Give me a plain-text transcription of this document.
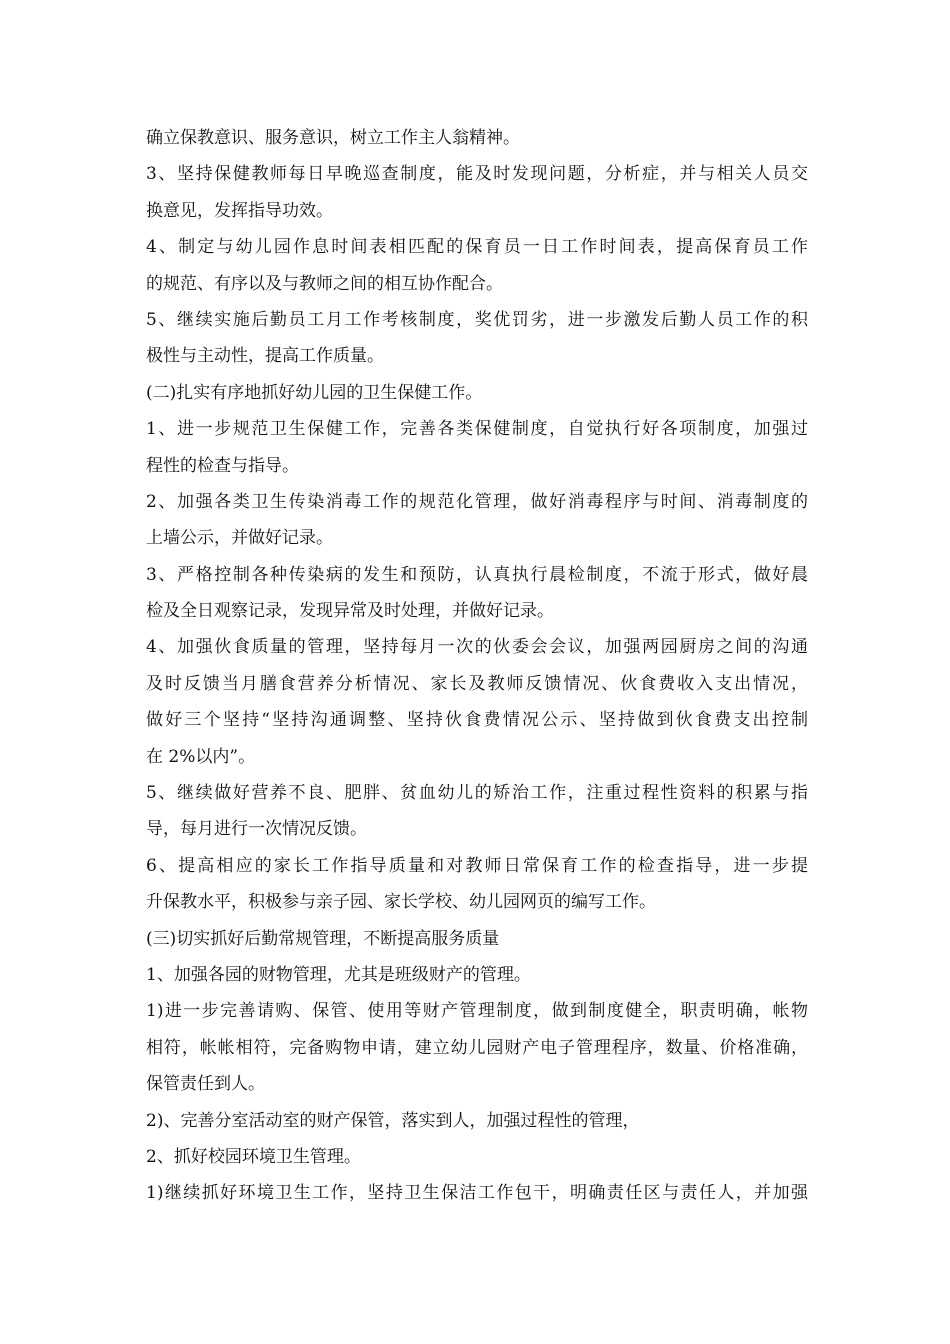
确立保教意识、服务意识，树立工作主人翁精神。
3、坚持保健教师每日早晚巡查制度，能及时发现问题，分析症，并与相关人员交
换意见，发挥指导功效。
4、制定与幼儿园作息时间表相匹配的保育员一日工作时间表，提高保育员工作
的规范、有序以及与教师之间的相互协作配合。
5、继续实施后勤员工月工作考核制度，奖优罚劣，进一步激发后勤人员工作的积
极性与主动性，提高工作质量。
(二)扎实有序地抓好幼儿园的卫生保健工作。
1、进一步规范卫生保健工作，完善各类保健制度，自觉执行好各项制度，加强过
程性的检查与指导。
2、加强各类卫生传染消毒工作的规范化管理，做好消毒程序与时间、消毒制度的
上墙公示，并做好记录。
3、严格控制各种传染病的发生和预防，认真执行晨检制度，不流于形式，做好晨
检及全日观察记录，发现异常及时处理，并做好记录。
4、加强伙食质量的管理，坚持每月一次的伙委会会议，加强两园厨房之间的沟通
及时反馈当月膳食营养分析情况、家长及教师反馈情况、伙食费收入支出情况，
做好三个坚持“坚持沟通调整、坚持伙食费情况公示、坚持做到伙食费支出控制
在 2%以内”。
5、继续做好营养不良、肥胖、贫血幼儿的矫治工作，注重过程性资料的积累与指
导，每月进行一次情况反馈。
6、提高相应的家长工作指导质量和对教师日常保育工作的检查指导，进一步提
升保教水平，积极参与亲子园、家长学校、幼儿园网页的编写工作。
(三)切实抓好后勤常规管理，不断提高服务质量
1、加强各园的财物管理，尤其是班级财产的管理。
1)进一步完善请购、保管、使用等财产管理制度，做到制度健全，职责明确，帐物
相符，帐帐相符，完备购物申请，建立幼儿园财产电子管理程序，数量、价格准确，
保管责任到人。
2)、完善分室活动室的财产保管，落实到人，加强过程性的管理，
2、抓好校园环境卫生管理。
1)继续抓好环境卫生工作，坚持卫生保洁工作包干，明确责任区与责任人，并加强
